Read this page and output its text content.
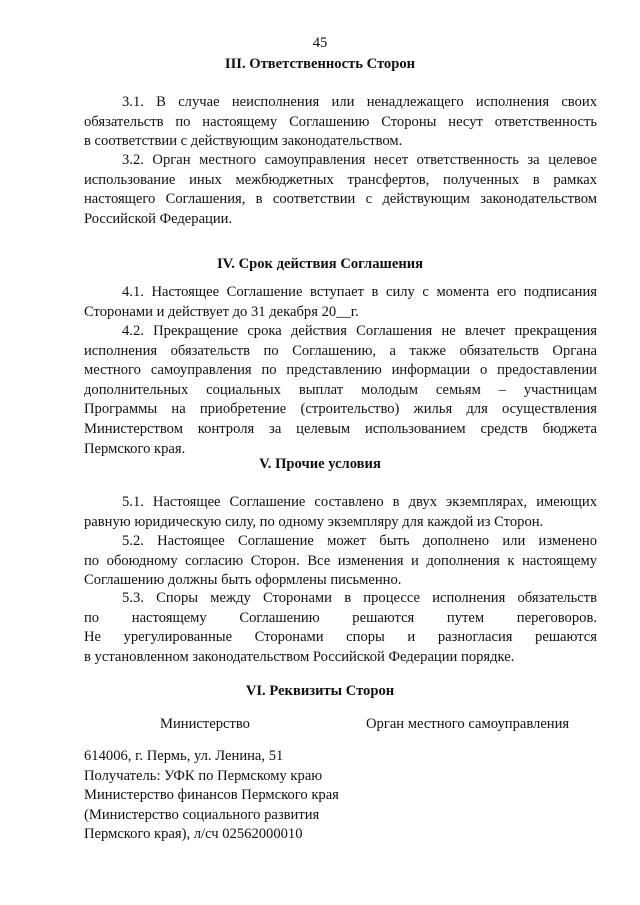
45
III. Ответственность Сторон
3.1. В случае неисполнения или ненадлежащего исполнения своих
обязательств по настоящему Соглашению Стороны несут ответственность
в соответствии с действующим законодательством.
3.2. Орган местного самоуправления несет ответственность за целевое
использование иных межбюджетных трансфертов, полученных в рамках
настоящего Соглашения, в соответствии с действующим законодательством
Российской Федерации.
IV. Срок действия Соглашения
4.1. Настоящее Соглашение вступает в силу с момента его подписания
Сторонами и действует до 31 декабря 20__г.
4.2. Прекращение срока действия Соглашения не влечет прекращения
исполнения обязательств по Соглашению, а также обязательств Органа
местного самоуправления по представлению информации о предоставлении
дополнительных социальных выплат молодым семьям – участницам
Программы на приобретение (строительство) жилья для осуществления
Министерством контроля за целевым использованием средств бюджета
Пермского края.
V. Прочие условия
5.1. Настоящее Соглашение составлено в двух экземплярах, имеющих
равную юридическую силу, по одному экземпляру для каждой из Сторон.
5.2. Настоящее Соглашение может быть дополнено или изменено
по обоюдному согласию Сторон. Все изменения и дополнения к настоящему
Соглашению должны быть оформлены письменно.
5.3. Споры между Сторонами в процессе исполнения обязательств
по настоящему Соглашению решаются путем переговоров.
Не урегулированные Сторонами споры и разногласия решаются
в установленном законодательством Российской Федерации порядке.
VI. Реквизиты Сторон
Министерство	Орган местного самоуправления
614006, г. Пермь, ул. Ленина, 51
Получатель: УФК по Пермскому краю
Министерство финансов Пермского края
(Министерство социального развития
Пермского края), л/сч 02562000010
